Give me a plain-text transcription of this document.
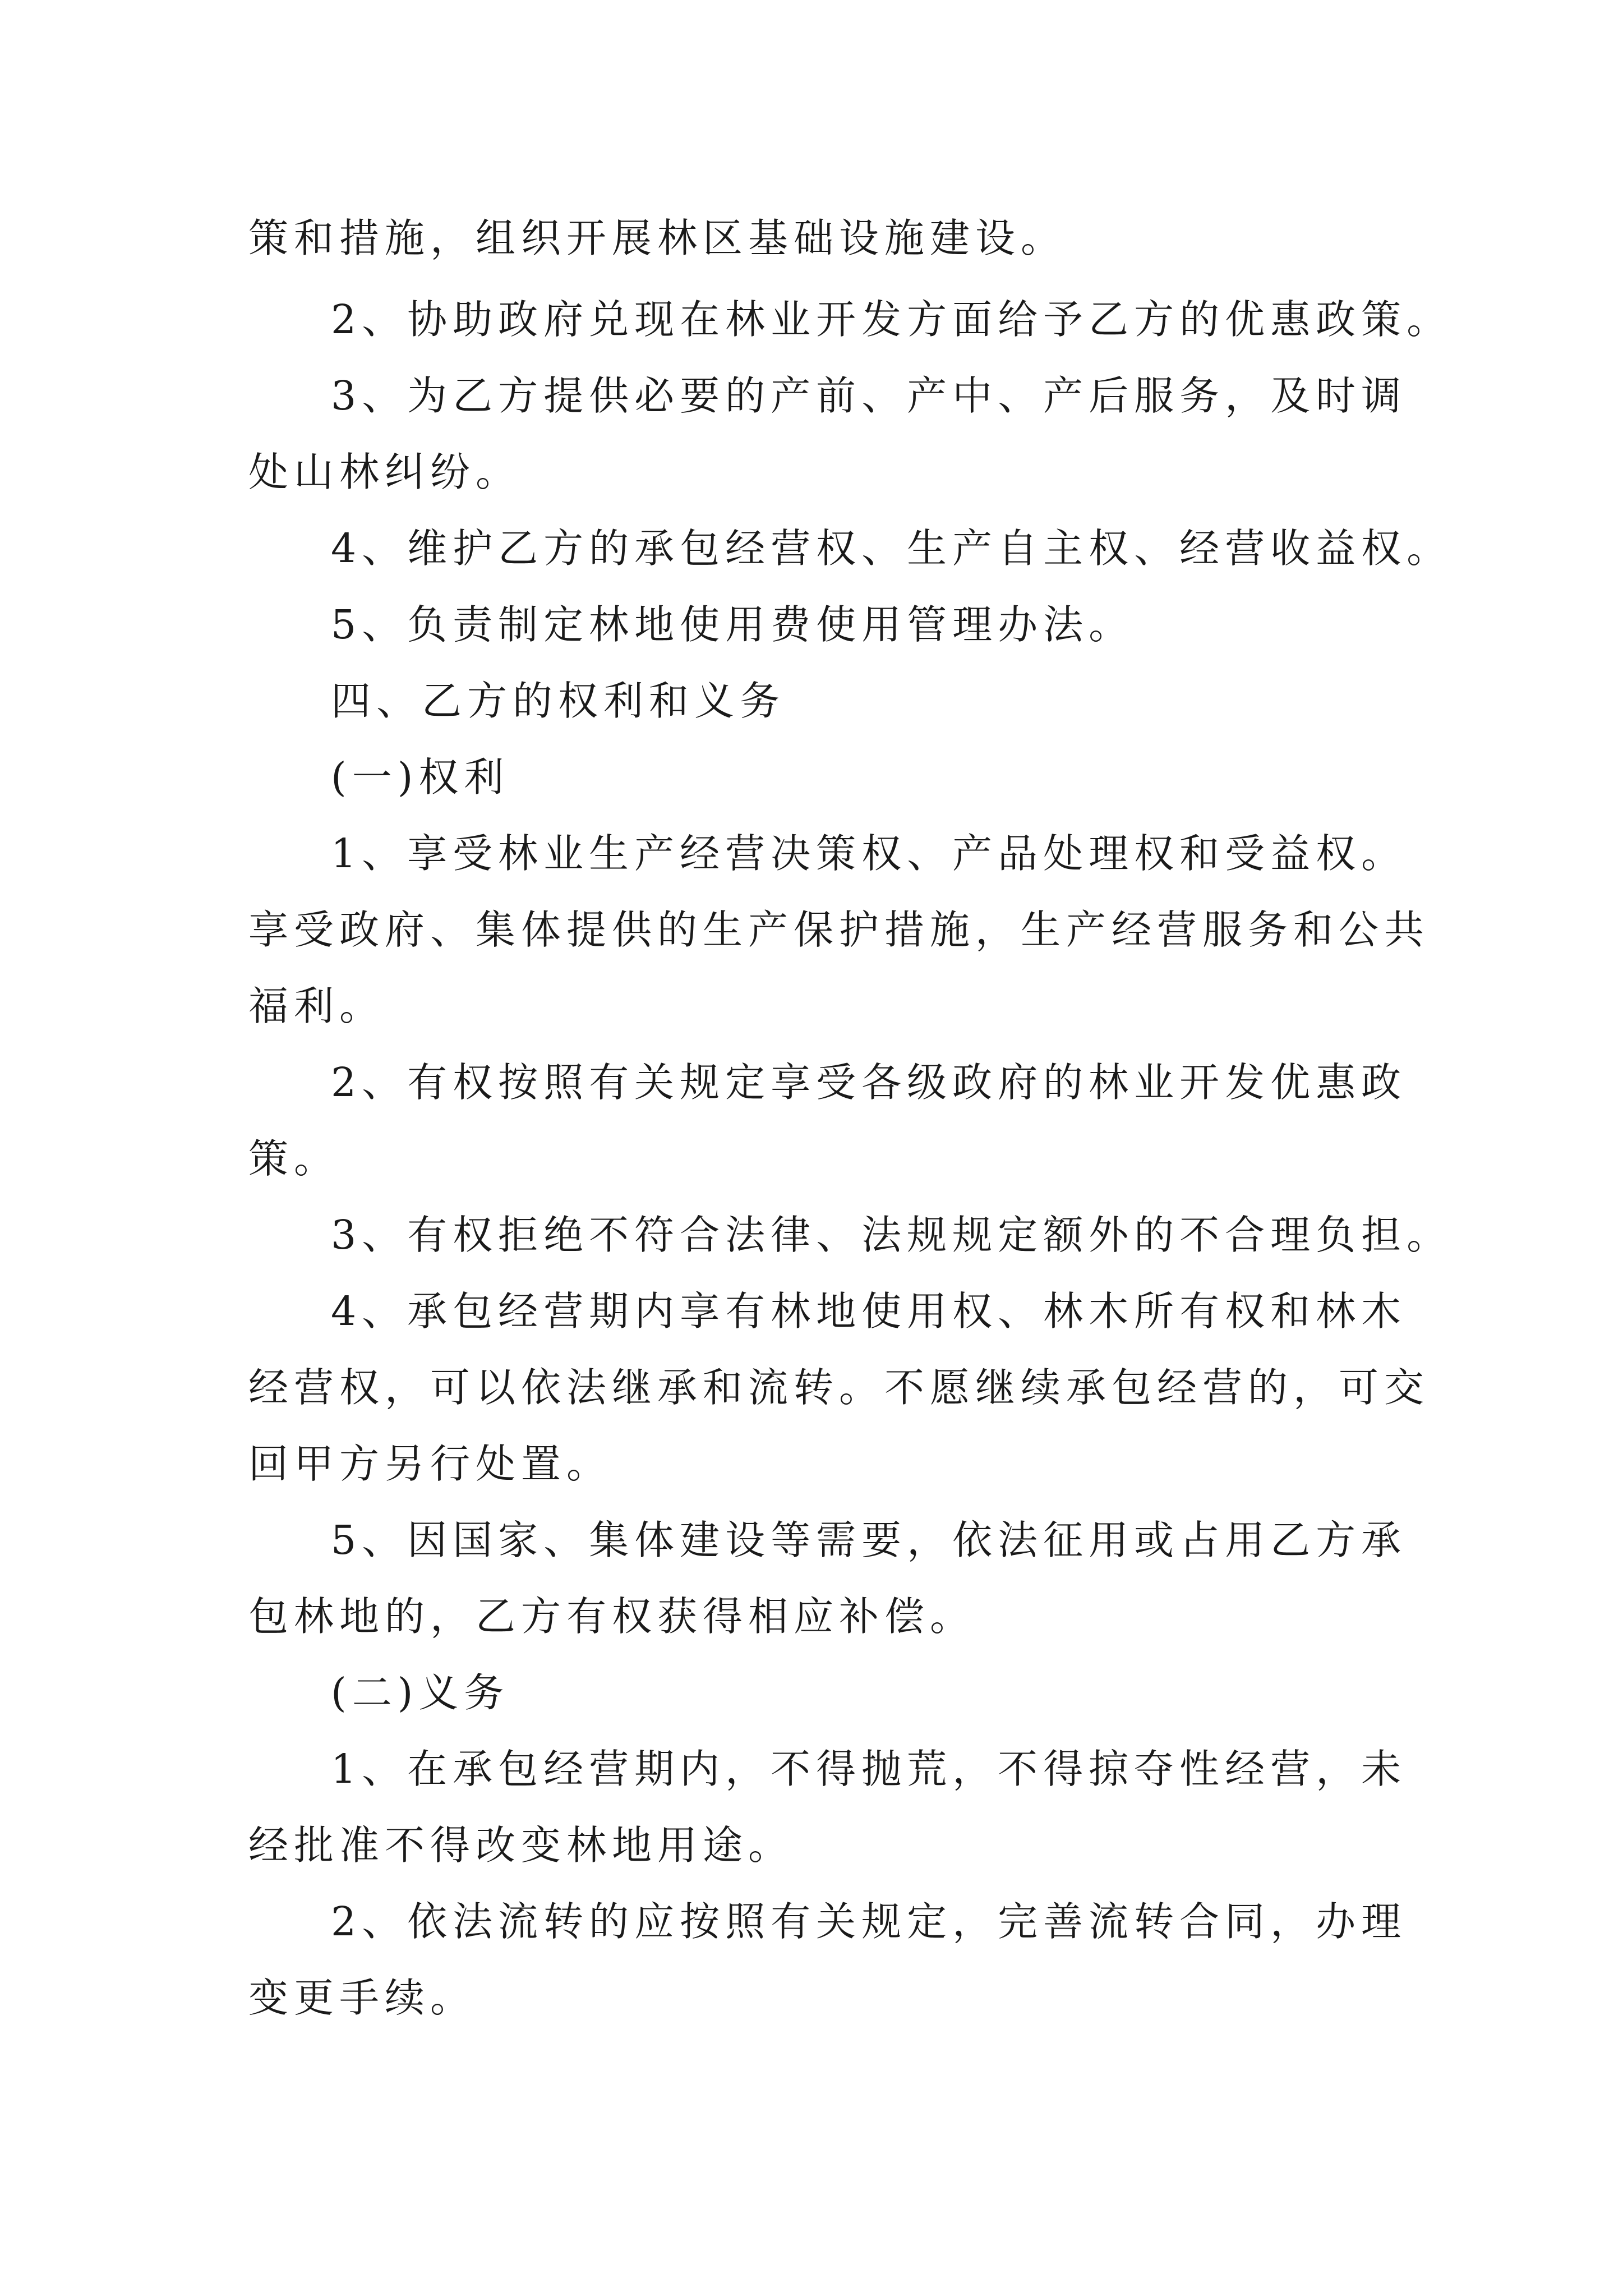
策和措施，组织开展林区基础设施建设。

2、协助政府兑现在林业开发方面给予乙方的优惠政策。

3、为乙方提供必要的产前、产中、产后服务，及时调

处山林纠纷。

4、维护乙方的承包经营权、生产自主权、经营收益权。

5、负责制定林地使用费使用管理办法。

四、乙方的权利和义务

(一)权利

1、享受林业生产经营决策权、产品处理权和受益权。

享受政府、集体提供的生产保护措施，生产经营服务和公共

福利。

2、有权按照有关规定享受各级政府的林业开发优惠政

策。

3、有权拒绝不符合法律、法规规定额外的不合理负担。

4、承包经营期内享有林地使用权、林木所有权和林木

经营权，可以依法继承和流转。不愿继续承包经营的，可交

回甲方另行处置。

5、因国家、集体建设等需要，依法征用或占用乙方承

包林地的，乙方有权获得相应补偿。

(二)义务

1、在承包经营期内，不得抛荒，不得掠夺性经营，未

经批准不得改变林地用途。

2、依法流转的应按照有关规定，完善流转合同，办理

变更手续。
